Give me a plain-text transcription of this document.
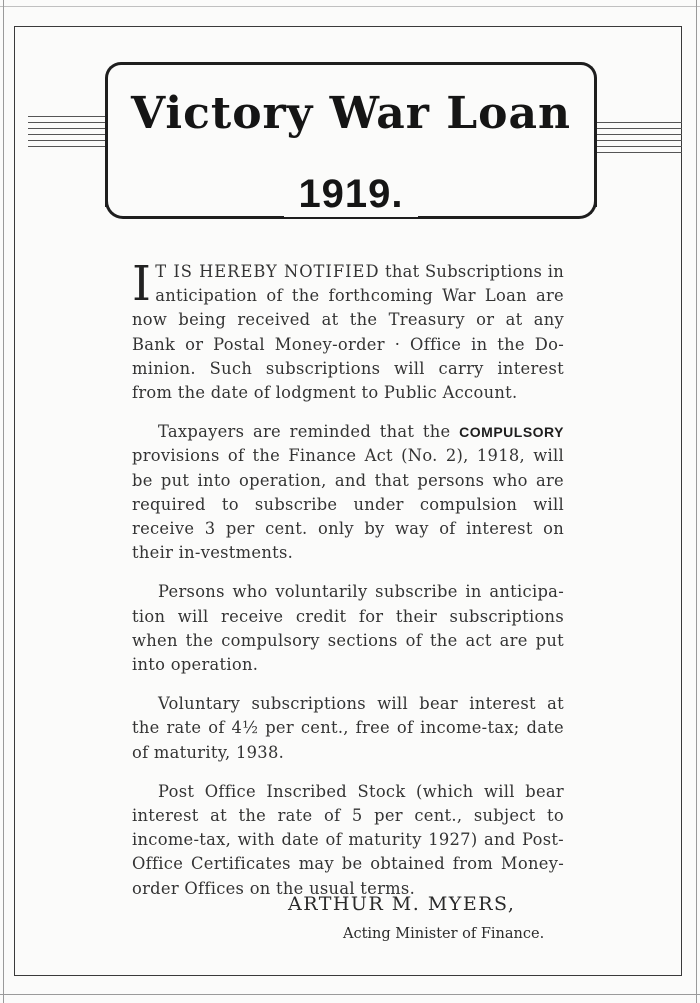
Victory War Loan
1919.

I T IS HEREBY NOTIFIED that Subscriptions in anticipation of the forthcoming War Loan are now being received at the Treasury or at any Bank or Postal Money-order · Office in the Do-minion. Such subscriptions will carry interest from the date of lodgment to Public Account.

Taxpayers are reminded that the COMPULSORY provisions of the Finance Act (No. 2), 1918, will be put into operation, and that persons who are required to subscribe under compulsion will receive 3 per cent. only by way of interest on their in-vestments.

Persons who voluntarily subscribe in anticipa-tion will receive credit for their subscriptions when the compulsory sections of the act are put into operation.

Voluntary subscriptions will bear interest at the rate of 4½ per cent., free of income-tax; date of maturity, 1938.

Post Office Inscribed Stock (which will bear interest at the rate of 5 per cent., subject to income-tax, with date of maturity 1927) and Post-Office Certificates may be obtained from Money-order Offices on the usual terms.

ARTHUR M. MYERS,
Acting Minister of Finance.
